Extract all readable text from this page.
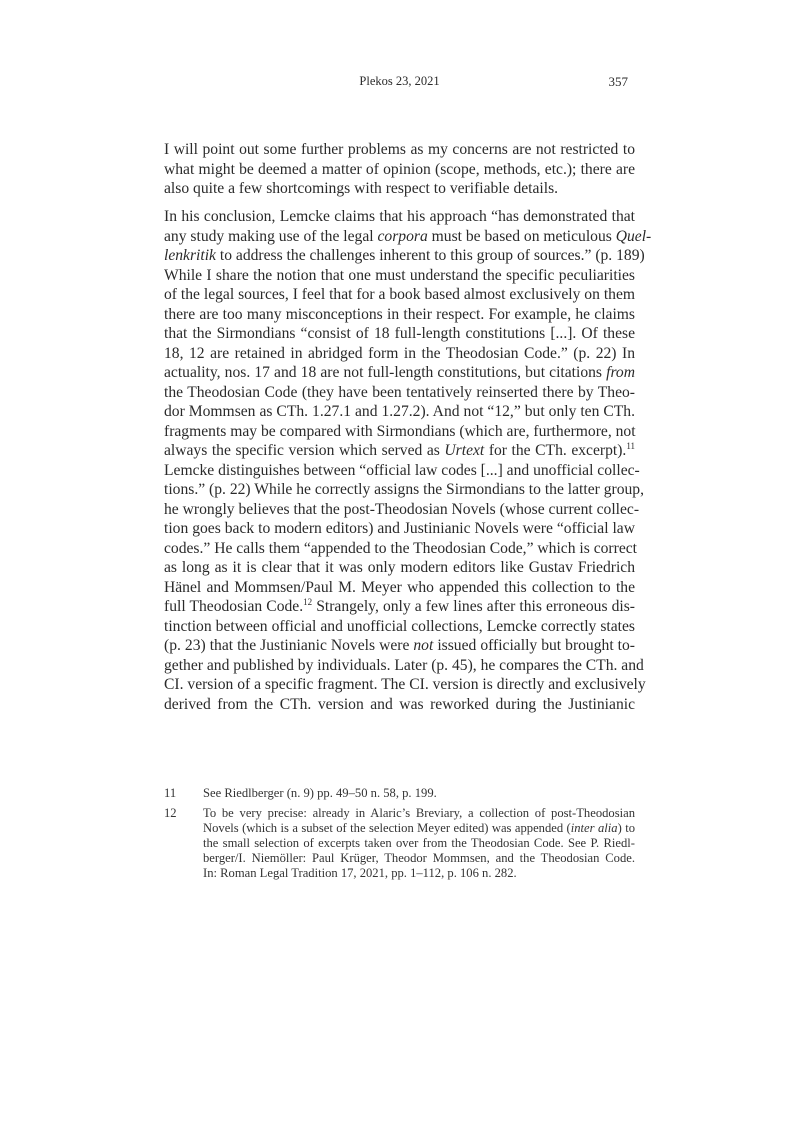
Plekos 23, 2021	357
I will point out some further problems as my concerns are not restricted to
what might be deemed a matter of opinion (scope, methods, etc.); there are
also quite a few shortcomings with respect to verifiable details.
In his conclusion, Lemcke claims that his approach “has demonstrated that
any study making use of the legal corpora must be based on meticulous Quel-
lenkritik to address the challenges inherent to this group of sources.” (p. 189)
While I share the notion that one must understand the specific peculiarities
of the legal sources, I feel that for a book based almost exclusively on them
there are too many misconceptions in their respect. For example, he claims
that the Sirmondians “consist of 18 full-length constitutions [...]. Of these
18, 12 are retained in abridged form in the Theodosian Code.” (p. 22) In
actuality, nos. 17 and 18 are not full-length constitutions, but citations from
the Theodosian Code (they have been tentatively reinserted there by Theo-
dor Mommsen as CTh. 1.27.1 and 1.27.2). And not “12,” but only ten CTh.
fragments may be compared with Sirmondians (which are, furthermore, not
always the specific version which served as Urtext for the CTh. excerpt).$^{11}$
Lemcke distinguishes between “official law codes [...] and unofficial collec-
tions.” (p. 22) While he correctly assigns the Sirmondians to the latter group,
he wrongly believes that the post-Theodosian Novels (whose current collec-
tion goes back to modern editors) and Justinianic Novels were “official law
codes.” He calls them “appended to the Theodosian Code,” which is correct
as long as it is clear that it was only modern editors like Gustav Friedrich
Hänel and Mommsen/Paul M. Meyer who appended this collection to the
full Theodosian Code.$^{12}$ Strangely, only a few lines after this erroneous dis-
tinction between official and unofficial collections, Lemcke correctly states
(p. 23) that the Justinianic Novels were not issued officially but brought to-
gether and published by individuals. Later (p. 45), he compares the CTh. and
CI. version of a specific fragment. The CI. version is directly and exclusively
derived from the CTh. version and was reworked during the Justinianic
11	See Riedlberger (n. 9) pp. 49–50 n. 58, p. 199.
12	To be very precise: already in Alaric’s Breviary, a collection of post-Theodosian
Novels (which is a subset of the selection Meyer edited) was appended (inter alia) to
the small selection of excerpts taken over from the Theodosian Code. See P. Riedl-
berger/I. Niemöller: Paul Krüger, Theodor Mommsen, and the Theodosian Code.
In: Roman Legal Tradition 17, 2021, pp. 1–112, p. 106 n. 282.
